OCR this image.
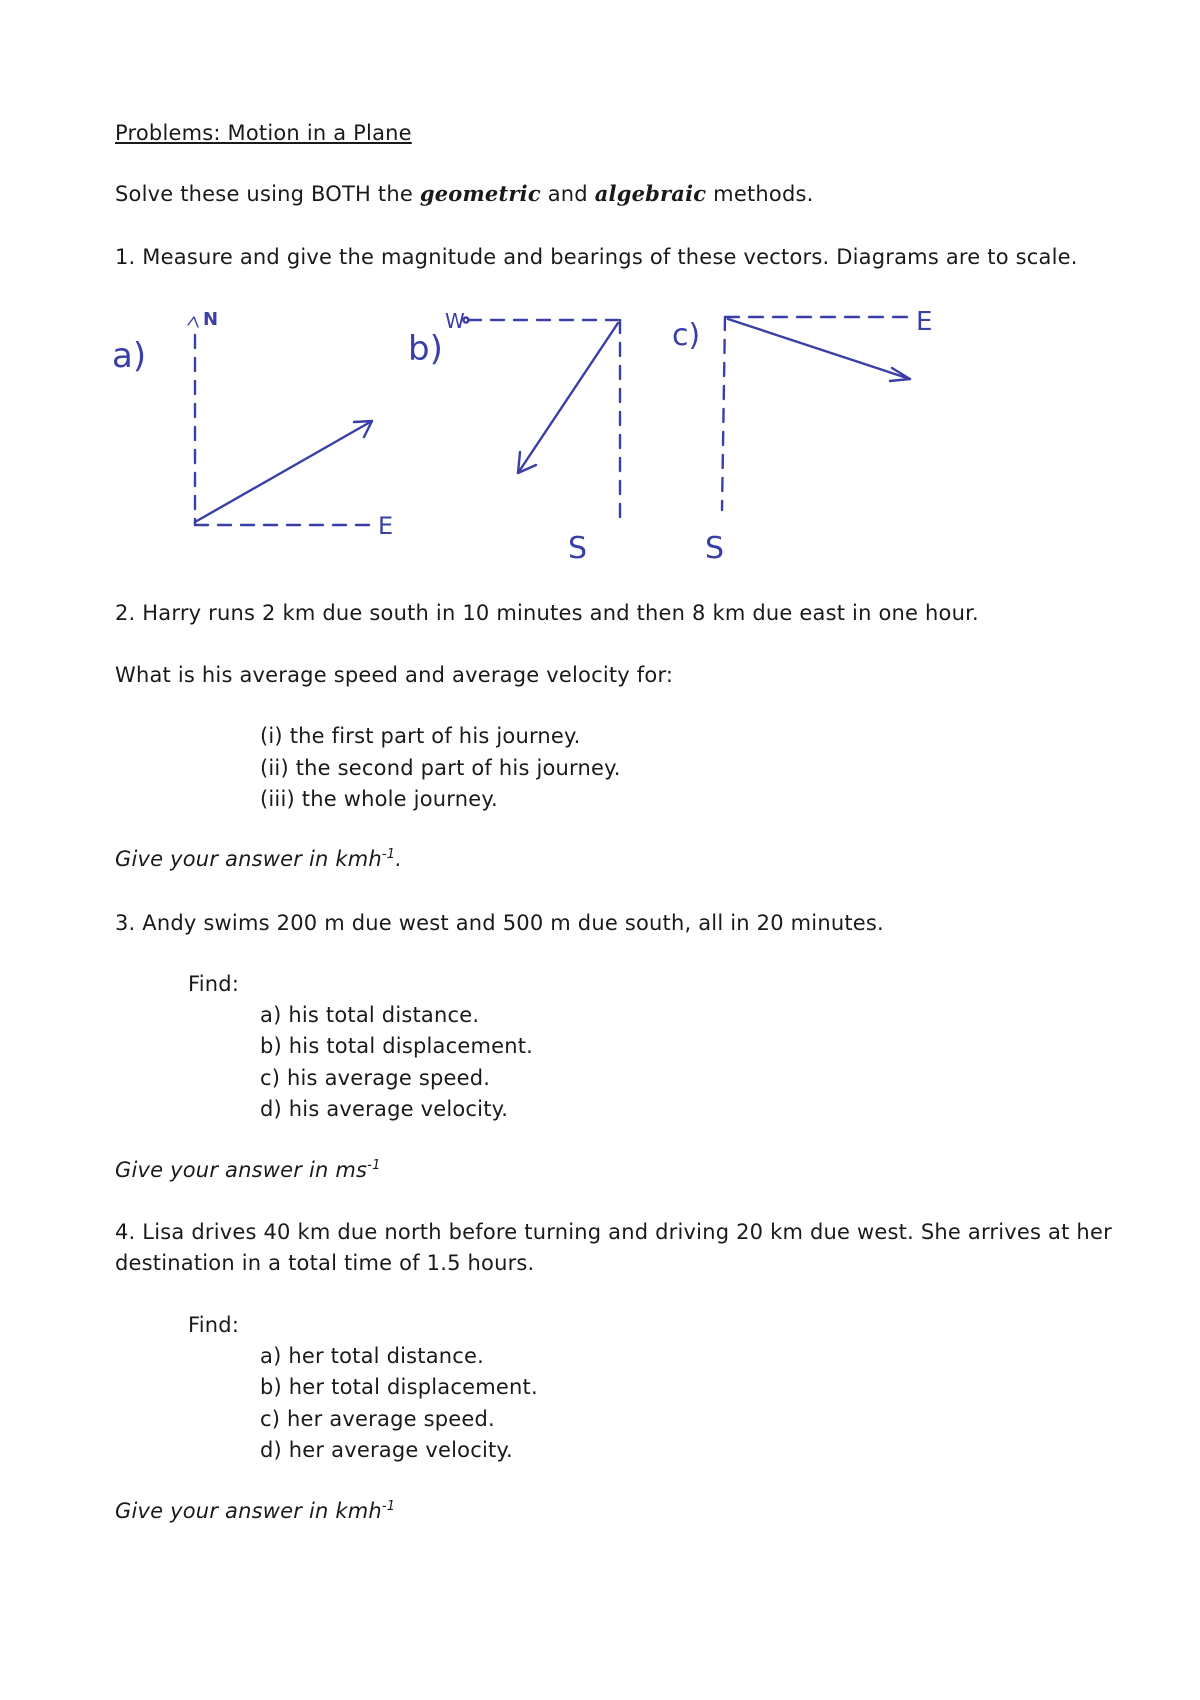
Problems: Motion in a Plane
Solve these using BOTH the geometric and algebraic methods.
1. Measure and give the magnitude and bearings of these vectors. Diagrams are to scale.
a)
N
E
b)
W
S
c)	E
S
2. Harry runs 2 km due south in 10 minutes and then 8 km due east in one hour.
What is his average speed and average velocity for:
(i) the first part of his journey.
(ii) the second part of his journey.
(iii) the whole journey.
Give your answer in kmh$^{-1}$.
3. Andy swims 200 m due west and 500 m due south, all in 20 minutes.
Find:
a) his total distance.
b) his total displacement.
c) his average speed.
d) his average velocity.
Give your answer in $ms^{-1}$
4. Lisa drives 40 km due north before turning and driving 20 km due west. She arrives at her
destination in a total time of 1.5 hours.
Find:
a) her total distance.
b) her total displacement.
c) her average speed.
d) her average velocity.
Give your answer in kmh$^{-1}$
